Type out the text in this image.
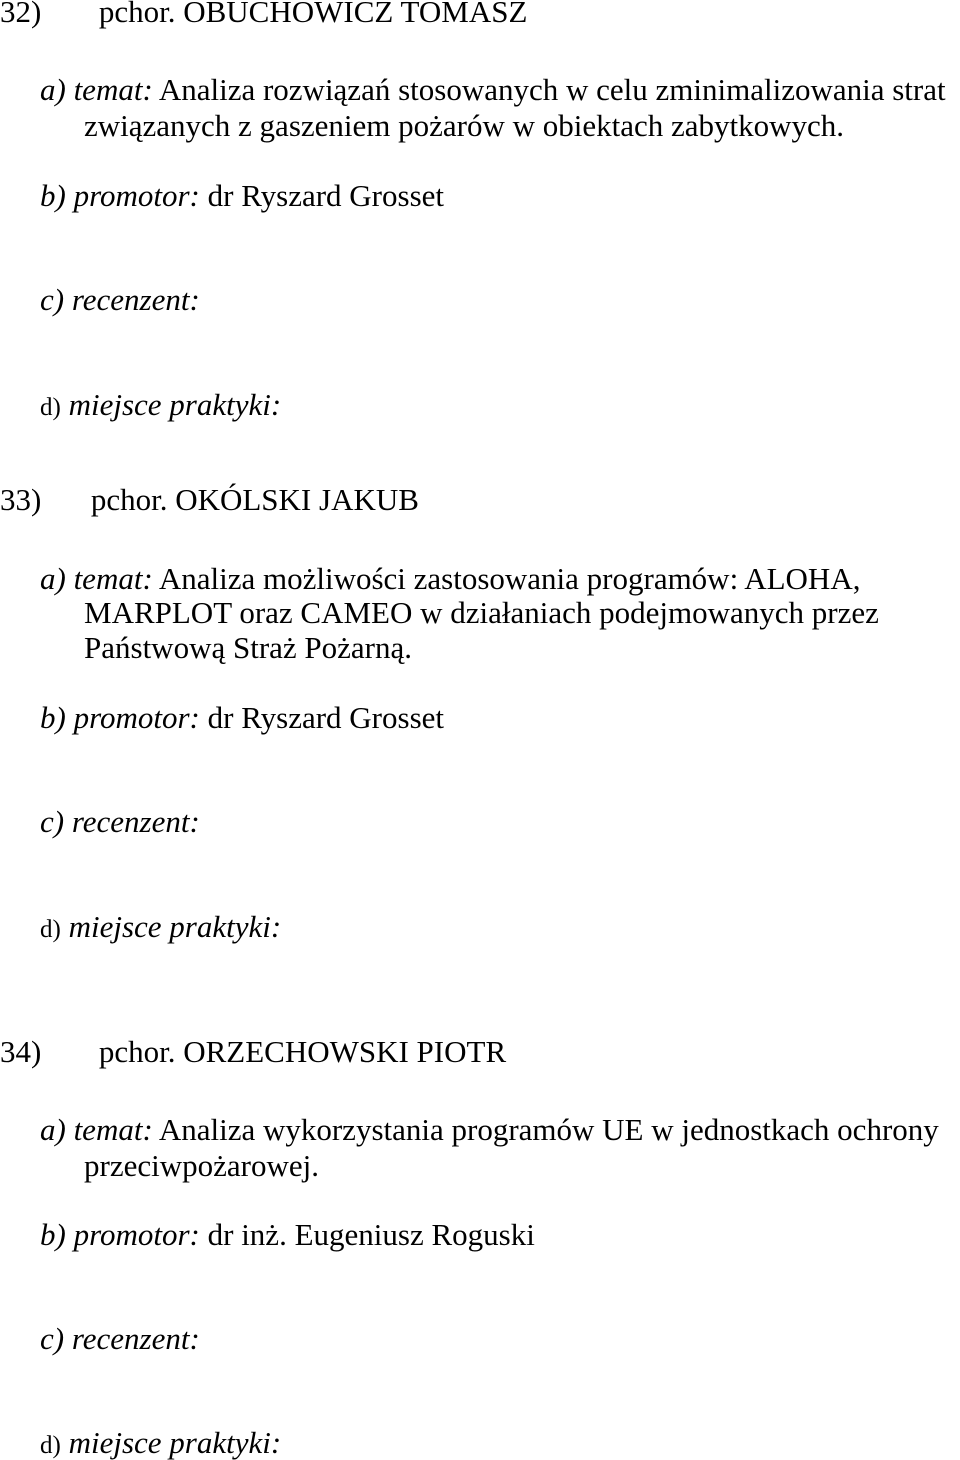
32) pchor. OBUCHOWICZ TOMASZ
a) temat: Analiza rozwiązań stosowanych w celu zminimalizowania strat
związanych z gaszeniem pożarów w obiektach zabytkowych.
b) promotor: dr Ryszard Grosset
c) recenzent:
d) miejsce praktyki:
33) pchor. OKÓLSKI JAKUB
a) temat: Analiza możliwości zastosowania programów: ALOHA,
MARPLOT oraz CAMEO w działaniach podejmowanych przez
Państwową Straż Pożarną.
b) promotor: dr Ryszard Grosset
c) recenzent:
d) miejsce praktyki:
34) pchor. ORZECHOWSKI PIOTR
a) temat: Analiza wykorzystania programów UE w jednostkach ochrony
przeciwpożarowej.
b) promotor: dr inż. Eugeniusz Roguski
c) recenzent:
d) miejsce praktyki:
